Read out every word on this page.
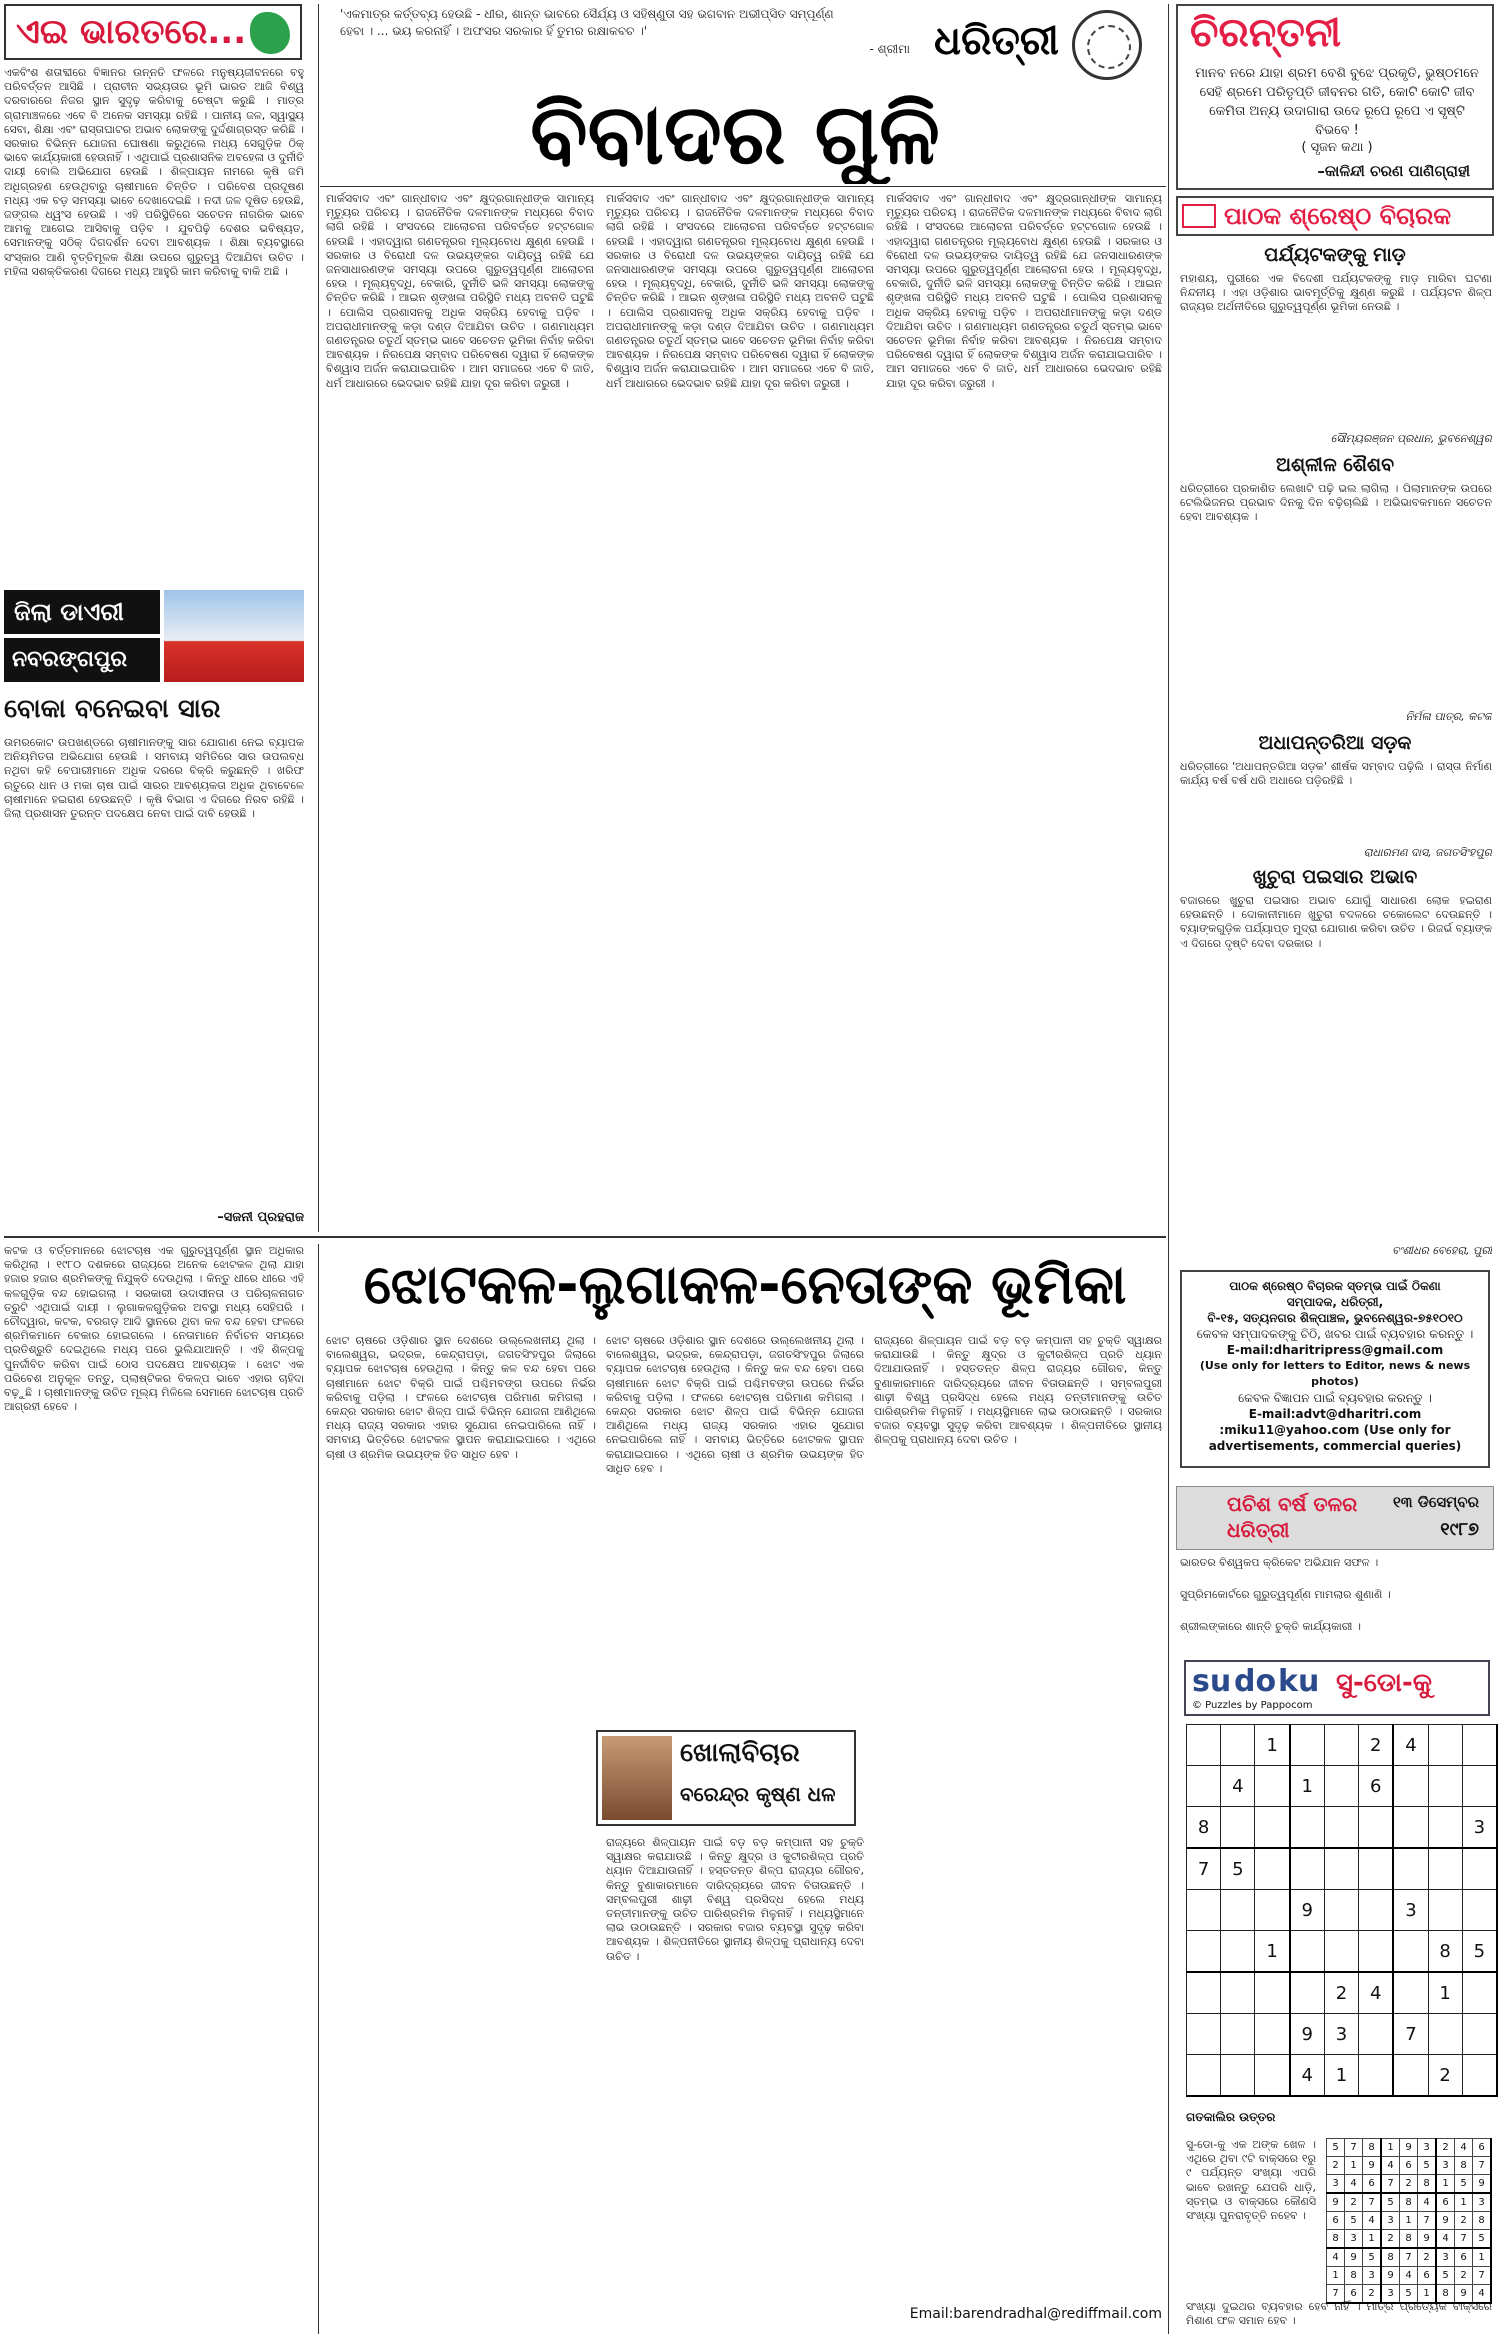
ଏଇ ଭାରତରେ...	'ଏକମାତ୍ର କର୍ତ୍ତବ୍ୟ ହେଉଛି - ଧୀର, ଶାନ୍ତ ଭାବରେ ସୈର୍ଯ୍ୟ ଓ ସହିଷ୍ଣୁତା ସହ ଭଗବାନ ଅଭୀପ୍ସିତ ସମ୍ପୂର୍ଣ୍ଣ
ହେବା । ... ଭୟ କରନାହିଁ । ଅଫସର ସରକାର ହିଁ ତୁମର ରକ୍ଷାକବଚ ।'
- ଶ୍ରୀମା ଧରିତ୍ରୀ	ଚିରନ୍ତନୀ
ମାନବ ନରେ ଯାହା ଶ୍ରମ ବେଶି ବୁଝେ ପ୍ରକୃତି, ଭୁଷ୍ଠମନେ ସେହି ଶ୍ରମେ ପରିତୃପ୍ତି ଜୀବନର ଗତି, କୋଟି କୋଟି ଜୀବ କେମିତା ଅନ୍ୟ ଉଦାଗାରା ଉଦେ ରୂପେ ରୂପେ ଏ ସୃଷ୍ଟି ବିଭବେ !
( ସୃଜନ କଥା )
–କାଳିନ୍ଦୀ ଚରଣ ପାଣିଗ୍ରାହୀ
ବିବାଦର ଗୁଳି
ଏକବିଂଶ ଶତାବ୍ଦୀରେ ବିଜ୍ଞାନର ଉନ୍ନତି ଫଳରେ ମନୁଷ୍ୟଜୀବନରେ ବହୁ ପରିବର୍ତ୍ତନ ଆସିଛି । ପ୍ରାଚୀନ ସଭ୍ୟତାର ଭୂମି ଭାରତ ଆଜି ବିଶ୍ୱ ଦରବାରରେ ନିଜର ସ୍ଥାନ ସୁଦୃଢ଼ କରିବାକୁ ଚେଷ୍ଟା କରୁଛି । ମାତ୍ର ଗ୍ରାମାଞ୍ଚଳରେ ଏବେ ବି ଅନେକ ସମସ୍ୟା ରହିଛି । ପାନୀୟ ଜଳ, ସ୍ୱାସ୍ଥ୍ୟ ସେବା, ଶିକ୍ଷା ଏବଂ ରାସ୍ତାଘାଟର ଅଭାବ ଲୋକଙ୍କୁ ଦୁର୍ଦ୍ଦଶାଗ୍ରସ୍ତ କରିଛି । ସରକାର ବିଭିନ୍ନ ଯୋଜନା ଘୋଷଣା କରୁଥିଲେ ମଧ୍ୟ ସେଗୁଡ଼ିକ ଠିକ୍ ଭାବେ କାର୍ଯ୍ୟକାରୀ ହେଉନାହିଁ । ଏଥିପାଇଁ ପ୍ରଶାସନିକ ଅବହେଳା ଓ ଦୁର୍ନୀତି ଦାୟୀ ବୋଲି ଅଭିଯୋଗ ହେଉଛି । ଶିଳ୍ପାୟନ ନାମରେ କୃଷି ଜମି ଅଧିଗ୍ରହଣ ହେଉଥିବାରୁ ଚାଷୀମାନେ ଚିନ୍ତିତ । ପରିବେଶ ପ୍ରଦୂଷଣ ମଧ୍ୟ ଏକ ବଡ଼ ସମସ୍ୟା ଭାବେ ଦେଖାଦେଇଛି । ନଦୀ ଜଳ ଦୂଷିତ ହେଉଛି, ଜଙ୍ଗଲ ଧ୍ୱଂସ ହେଉଛି । ଏହି ପରିସ୍ଥିତିରେ ସଚେତନ ନାଗରିକ ଭାବେ ଆମକୁ ଆଗେଇ ଆସିବାକୁ ପଡ଼ିବ । ଯୁବପିଢ଼ି ଦେଶର ଭବିଷ୍ୟତ, ସେମାନଙ୍କୁ ସଠିକ୍ ଦିଗଦର୍ଶନ ଦେବା ଆବଶ୍ୟକ । ଶିକ୍ଷା ବ୍ୟବସ୍ଥାରେ ସଂସ୍କାର ଆଣି ବୃତ୍ତିମୂଳକ ଶିକ୍ଷା ଉପରେ ଗୁରୁତ୍ୱ ଦିଆଯିବା ଉଚିତ । ମହିଳା ସଶକ୍ତିକରଣ ଦିଗରେ ମଧ୍ୟ ଆହୁରି କାମ କରିବାକୁ ବାକି ଅଛି ।
ଜିଲା ଡାଏରୀ
ନବରଙ୍ଗପୁର
ବୋକା ବନେଇବା ସାର
ଉମରକୋଟ ଉପଖଣ୍ଡରେ ଚାଷୀମାନଙ୍କୁ ସାର ଯୋଗାଣ ନେଇ ବ୍ୟାପକ ଅନିୟମିତତା ଅଭିଯୋଗ ହେଉଛି । ସମବାୟ ସମିତିରେ ସାର ଉପଲବ୍ଧ ନଥିବା କହି ବେପାରୀମାନେ ଅଧିକ ଦରରେ ବିକ୍ରି କରୁଛନ୍ତି । ଖରିଫ ଋତୁରେ ଧାନ ଓ ମକା ଚାଷ ପାଇଁ ସାରର ଆବଶ୍ୟକତା ଅଧିକ ଥିବାବେଳେ ଚାଷୀମାନେ ହଇରାଣ ହେଉଛନ୍ତି । କୃଷି ବିଭାଗ ଏ ଦିଗରେ ନିରବ ରହିଛି । ଜିଲା ପ୍ରଶାସନ ତୁରନ୍ତ ପଦକ୍ଷେପ ନେବା ପାଇଁ ଦାବି ହେଉଛି ।
–ସଜନୀ ପ୍ରହରାଜ
ମାର୍କସବାଦ ଏବଂ ଗାନ୍ଧୀବାଦ ଏବଂ କ୍ଷୁଦ୍ରଗାନ୍ଧୀଙ୍କ ସାମାନ୍ୟ ମୃତ୍ୟୁର ପରିଚୟ । ରାଜନୈତିକ ଦଳମାନଙ୍କ ମଧ୍ୟରେ ବିବାଦ ଲାଗି ରହିଛି । ସଂସଦରେ ଆଲୋଚନା ପରିବର୍ତ୍ତେ ହଟ୍ଟଗୋଳ ହେଉଛି । ଏହାଦ୍ୱାରା ଗଣତନ୍ତ୍ରର ମୂଲ୍ୟବୋଧ କ୍ଷୁଣ୍ଣ ହେଉଛି । ସରକାର ଓ ବିରୋଧୀ ଦଳ ଉଭୟଙ୍କର ଦାୟିତ୍ୱ ରହିଛି ଯେ ଜନସାଧାରଣଙ୍କ ସମସ୍ୟା ଉପରେ ଗୁରୁତ୍ୱପୂର୍ଣ୍ଣ ଆଲୋଚନା ହେଉ । ମୂଲ୍ୟବୃଦ୍ଧି, ବେକାରି, ଦୁର୍ନୀତି ଭଳି ସମସ୍ୟା ଲୋକଙ୍କୁ ଚିନ୍ତିତ କରିଛି । ଆଇନ ଶୃଙ୍ଖଳା ପରିସ୍ଥିତି ମଧ୍ୟ ଅବନତି ଘଟୁଛି । ପୋଲିସ ପ୍ରଶାସନକୁ ଅଧିକ ସକ୍ରିୟ ହେବାକୁ ପଡ଼ିବ । ଅପରାଧୀମାନଙ୍କୁ କଡ଼ା ଦଣ୍ଡ ଦିଆଯିବା ଉଚିତ । ଗଣମାଧ୍ୟମ ଗଣତନ୍ତ୍ରର ଚତୁର୍ଥ ସ୍ତମ୍ଭ ଭାବେ ସଚେତନ ଭୂମିକା ନିର୍ବାହ କରିବା ଆବଶ୍ୟକ । ନିରପେକ୍ଷ ସମ୍ବାଦ ପରିବେଷଣ ଦ୍ୱାରା ହିଁ ଲୋକଙ୍କ ବିଶ୍ୱାସ ଅର୍ଜନ କରାଯାଇପାରିବ । ଆମ ସମାଜରେ ଏବେ ବି ଜାତି, ଧର୍ମ ଆଧାରରେ ଭେଦଭାବ ରହିଛି ଯାହା ଦୂର କରିବା ଜରୁରୀ ।
ମାର୍କସବାଦ ଏବଂ ଗାନ୍ଧୀବାଦ ଏବଂ କ୍ଷୁଦ୍ରଗାନ୍ଧୀଙ୍କ ସାମାନ୍ୟ ମୃତ୍ୟୁର ପରିଚୟ । ରାଜନୈତିକ ଦଳମାନଙ୍କ ମଧ୍ୟରେ ବିବାଦ ଲାଗି ରହିଛି । ସଂସଦରେ ଆଲୋଚନା ପରିବର୍ତ୍ତେ ହଟ୍ଟଗୋଳ ହେଉଛି । ଏହାଦ୍ୱାରା ଗଣତନ୍ତ୍ରର ମୂଲ୍ୟବୋଧ କ୍ଷୁଣ୍ଣ ହେଉଛି । ସରକାର ଓ ବିରୋଧୀ ଦଳ ଉଭୟଙ୍କର ଦାୟିତ୍ୱ ରହିଛି ଯେ ଜନସାଧାରଣଙ୍କ ସମସ୍ୟା ଉପରେ ଗୁରୁତ୍ୱପୂର୍ଣ୍ଣ ଆଲୋଚନା ହେଉ । ମୂଲ୍ୟବୃଦ୍ଧି, ବେକାରି, ଦୁର୍ନୀତି ଭଳି ସମସ୍ୟା ଲୋକଙ୍କୁ ଚିନ୍ତିତ କରିଛି । ଆଇନ ଶୃଙ୍ଖଳା ପରିସ୍ଥିତି ମଧ୍ୟ ଅବନତି ଘଟୁଛି । ପୋଲିସ ପ୍ରଶାସନକୁ ଅଧିକ ସକ୍ରିୟ ହେବାକୁ ପଡ଼ିବ । ଅପରାଧୀମାନଙ୍କୁ କଡ଼ା ଦଣ୍ଡ ଦିଆଯିବା ଉଚିତ । ଗଣମାଧ୍ୟମ ଗଣତନ୍ତ୍ରର ଚତୁର୍ଥ ସ୍ତମ୍ଭ ଭାବେ ସଚେତନ ଭୂମିକା ନିର୍ବାହ କରିବା ଆବଶ୍ୟକ । ନିରପେକ୍ଷ ସମ୍ବାଦ ପରିବେଷଣ ଦ୍ୱାରା ହିଁ ଲୋକଙ୍କ ବିଶ୍ୱାସ ଅର୍ଜନ କରାଯାଇପାରିବ । ଆମ ସମାଜରେ ଏବେ ବି ଜାତି, ଧର୍ମ ଆଧାରରେ ଭେଦଭାବ ରହିଛି ଯାହା ଦୂର କରିବା ଜରୁରୀ ।
ମାର୍କସବାଦ ଏବଂ ଗାନ୍ଧୀବାଦ ଏବଂ କ୍ଷୁଦ୍ରଗାନ୍ଧୀଙ୍କ ସାମାନ୍ୟ ମୃତ୍ୟୁର ପରିଚୟ । ରାଜନୈତିକ ଦଳମାନଙ୍କ ମଧ୍ୟରେ ବିବାଦ ଲାଗି ରହିଛି । ସଂସଦରେ ଆଲୋଚନା ପରିବର୍ତ୍ତେ ହଟ୍ଟଗୋଳ ହେଉଛି । ଏହାଦ୍ୱାରା ଗଣତନ୍ତ୍ରର ମୂଲ୍ୟବୋଧ କ୍ଷୁଣ୍ଣ ହେଉଛି । ସରକାର ଓ ବିରୋଧୀ ଦଳ ଉଭୟଙ୍କର ଦାୟିତ୍ୱ ରହିଛି ଯେ ଜନସାଧାରଣଙ୍କ ସମସ୍ୟା ଉପରେ ଗୁରୁତ୍ୱପୂର୍ଣ୍ଣ ଆଲୋଚନା ହେଉ । ମୂଲ୍ୟବୃଦ୍ଧି, ବେକାରି, ଦୁର୍ନୀତି ଭଳି ସମସ୍ୟା ଲୋକଙ୍କୁ ଚିନ୍ତିତ କରିଛି । ଆଇନ ଶୃଙ୍ଖଳା ପରିସ୍ଥିତି ମଧ୍ୟ ଅବନତି ଘଟୁଛି । ପୋଲିସ ପ୍ରଶାସନକୁ ଅଧିକ ସକ୍ରିୟ ହେବାକୁ ପଡ଼ିବ । ଅପରାଧୀମାନଙ୍କୁ କଡ଼ା ଦଣ୍ଡ ଦିଆଯିବା ଉଚିତ । ଗଣମାଧ୍ୟମ ଗଣତନ୍ତ୍ରର ଚତୁର୍ଥ ସ୍ତମ୍ଭ ଭାବେ ସଚେତନ ଭୂମିକା ନିର୍ବାହ କରିବା ଆବଶ୍ୟକ । ନିରପେକ୍ଷ ସମ୍ବାଦ ପରିବେଷଣ ଦ୍ୱାରା ହିଁ ଲୋକଙ୍କ ବିଶ୍ୱାସ ଅର୍ଜନ କରାଯାଇପାରିବ । ଆମ ସମାଜରେ ଏବେ ବି ଜାତି, ଧର୍ମ ଆଧାରରେ ଭେଦଭାବ ରହିଛି ଯାହା ଦୂର କରିବା ଜରୁରୀ ।
ପାଠକ ଶ୍ରେଷ୍ଠ ବିଚାରକ
ପର୍ଯ୍ୟଟକଙ୍କୁ ମାଡ଼
ମହାଶୟ, ପୁରୀରେ ଏକ ବିଦେଶୀ ପର୍ଯ୍ୟଟକଙ୍କୁ ମାଡ଼ ମାରିବା ଘଟଣା ନିନ୍ଦନୀୟ । ଏହା ଓଡ଼ିଶାର ଭାବମୂର୍ତ୍ତିକୁ କ୍ଷୁଣ୍ଣ କରୁଛି । ପର୍ଯ୍ୟଟନ ଶିଳ୍ପ ରାଜ୍ୟର ଅର୍ଥନୀତିରେ ଗୁରୁତ୍ୱପୂର୍ଣ୍ଣ ଭୂମିକା ନେଉଛି ।
ସୌମ୍ୟରଞ୍ଜନ ପ୍ରଧାନ, ଭୁବନେଶ୍ୱର
ଅଶ୍ଳୀଳ ଶୈଶବ
ଧରିତ୍ରୀରେ ପ୍ରକାଶିତ ଲେଖାଟି ପଢ଼ି ଭଲ ଲାଗିଲା । ପିଲାମାନଙ୍କ ଉପରେ ଟେଲିଭିଜନର ପ୍ରଭାବ ଦିନକୁ ଦିନ ବଢ଼ିଚାଲିଛି । ଅଭିଭାବକମାନେ ସଚେତନ ହେବା ଆବଶ୍ୟକ ।
ନିର୍ମଳା ପାତ୍ର, କଟକ
ଅଧାପନ୍ତରିଆ ସଡ଼କ
ଧରିତ୍ରୀରେ 'ଅଧାପନ୍ତରିଆ ସଡ଼କ' ଶୀର୍ଷକ ସମ୍ବାଦ ପଢ଼ିଲି । ରାସ୍ତା ନିର୍ମାଣ କାର୍ଯ୍ୟ ବର୍ଷ ବର୍ଷ ଧରି ଅଧାରେ ପଡ଼ିରହିଛି ।
ରାଧାରମଣ ଦାସ, ଜଗତସିଂହପୁର
ଖୁଚୁରା ପଇସାର ଅଭାବ
ବଜାରରେ ଖୁଚୁରା ପଇସାର ଅଭାବ ଯୋଗୁଁ ସାଧାରଣ ଲୋକ ହଇରାଣ ହେଉଛନ୍ତି । ଦୋକାନୀମାନେ ଖୁଚୁରା ବଦଳରେ ଚକୋଲେଟ ଦେଉଛନ୍ତି । ବ୍ୟାଙ୍କଗୁଡ଼ିକ ପର୍ଯ୍ୟାପ୍ତ ମୁଦ୍ରା ଯୋଗାଣ କରିବା ଉଚିତ । ରିଜର୍ଭ ବ୍ୟାଙ୍କ ଏ ଦିଗରେ ଦୃଷ୍ଟି ଦେବା ଦରକାର ।
ବଂଶୀଧର ବେହେରା, ପୁରୀ
ପାଠକ ଶ୍ରେଷ୍ଠ ବିଚାରକ ସ୍ତମ୍ଭ ପାଇଁ ଠିକଣା
ସମ୍ପାଦକ, ଧରିତ୍ରୀ,
ବି-୧୫, ସତ୍ୟନଗର ଶିଳ୍ପାଞ୍ଚଳ, ଭୁବନେଶ୍ୱର-୭୫୧୦୧୦
କେବଳ ସମ୍ପାଦକଙ୍କୁ ଚିଠି, ଖବର ପାଇଁ ବ୍ୟବହାର କରନ୍ତୁ ।
E-mail:dharitripress@gmail.com
(Use only for letters to Editor, news & news photos)
କେବଳ ବିଜ୍ଞାପନ ପାଇଁ ବ୍ୟବହାର କରନ୍ତୁ ।
E-mail:advt@dharitri.com
:miku11@yahoo.com (Use only for
advertisements, commercial queries)
ପଚିଶ ବର୍ଷ ତଳର ଧରିତ୍ରୀ
୧୩ ଡିସେମ୍ବର
୧୯୮୭
ଭାରତର ବିଶ୍ୱକପ କ୍ରିକେଟ ଅଭିଯାନ ସଫଳ ।
ସୁପ୍ରିମକୋର୍ଟରେ ଗୁରୁତ୍ୱପୂର୍ଣ୍ଣ ମାମଲାର ଶୁଣାଣି ।
ଶ୍ରୀଲଙ୍କାରେ ଶାନ୍ତି ଚୁକ୍ତି କାର୍ଯ୍ୟକାରୀ ।
su do ku
© Puzzles by Pappocom
ସୁ-ଡୋ-କୁ
		1			2	4		
	4		1		6			
8								3
7	5							
			9			3		
		1					8	5
				2	4		1	
			9	3		7		
			4	1			2	
ଗତକାଲିର ଉତ୍ତର
ସୁ-ଡୋ-କୁ ଏକ ଅଙ୍କ ଖେଳ । ଏଥିରେ ଥିବା ୯ଟି ବାକ୍ସରେ ୧ରୁ ୯ ପର୍ଯ୍ୟନ୍ତ ସଂଖ୍ୟା ଏପରି ଭାବେ ରଖନ୍ତୁ ଯେପରି ଧାଡ଼ି, ସ୍ତମ୍ଭ ଓ ବାକ୍ସରେ କୌଣସି ସଂଖ୍ୟା ପୁନରାବୃତ୍ତି ନହେବ ।
5	7	8	1	9	3	2	4	6
2	1	9	4	6	5	3	8	7
3	4	6	7	2	8	1	5	9
9	2	7	5	8	4	6	1	3
6	5	4	3	1	7	9	2	8
8	3	1	2	8	9	4	7	5
4	9	5	8	7	2	3	6	1
1	8	3	9	4	6	5	2	7
7	6	2	3	5	1	8	9	4
ସଂଖ୍ୟା ଦୁଇଥର ବ୍ୟବହାର ହେବ ନାହିଁ । ମାତ୍ର ପ୍ରତ୍ୟେକ ବାକ୍ସରେ ମିଶାଣ ଫଳ ସମାନ ହେବ ।
କଟକ ଓ ବର୍ତ୍ତମାନରେ ଝୋଟଚାଷ ଏକ ଗୁରୁତ୍ୱପୂର୍ଣ୍ଣ ସ୍ଥାନ ଅଧିକାର କରିଥିଲା । ୧୯୮୦ ଦଶକରେ ରାଜ୍ୟରେ ଅନେକ ଝୋଟକଳ ଥିଲା ଯାହା ହଜାର ହଜାର ଶ୍ରମିକଙ୍କୁ ନିଯୁକ୍ତି ଦେଉଥିଲା । କିନ୍ତୁ ଧୀରେ ଧୀରେ ଏହି କଳଗୁଡ଼ିକ ବନ୍ଦ ହୋଇଗଲା । ସରକାରୀ ଉଦାସୀନତା ଓ ପରିଚାଳନାଗତ ତ୍ରୁଟି ଏଥିପାଇଁ ଦାୟୀ । ଲୁଗାକଳଗୁଡ଼ିକର ଅବସ୍ଥା ମଧ୍ୟ ସେହିପରି । ଚୌଦ୍ୱାର, କଟକ, ବରଗଡ଼ ଆଦି ସ୍ଥାନରେ ଥିବା କଳ ବନ୍ଦ ହେବା ଫଳରେ ଶ୍ରମିକମାନେ ବେକାର ହୋଇଗଲେ । ନେତାମାନେ ନିର୍ବାଚନ ସମୟରେ ପ୍ରତିଶ୍ରୁତି ଦେଇଥିଲେ ମଧ୍ୟ ପରେ ଭୁଲିଯାଆନ୍ତି । ଏହି ଶିଳ୍ପକୁ ପୁନର୍ଜୀବିତ କରିବା ପାଇଁ ଠୋସ ପଦକ୍ଷେପ ଆବଶ୍ୟକ । ଝୋଟ ଏକ ପରିବେଶ ଅନୁକୂଳ ତନ୍ତୁ, ପ୍ଲାଷ୍ଟିକର ବିକଳ୍ପ ଭାବେ ଏହାର ଚାହିଦା ବଢ଼ୁଛି । ଚାଷୀମାନଙ୍କୁ ଉଚିତ ମୂଲ୍ୟ ମିଳିଲେ ସେମାନେ ଝୋଟଚାଷ ପ୍ରତି ଆଗ୍ରହୀ ହେବେ ।
ଝୋଟକଳ-ଲୁଗାକଳ-ନେତାଙ୍କ ଭୂମିକା
ଝୋଟ ଚାଷରେ ଓଡ଼ିଶାର ସ୍ଥାନ ଦେଶରେ ଉଲ୍ଲେଖନୀୟ ଥିଲା । ବାଲେଶ୍ୱର, ଭଦ୍ରକ, କେନ୍ଦ୍ରାପଡ଼ା, ଜଗତସିଂହପୁର ଜିଲାରେ ବ୍ୟାପକ ଝୋଟଚାଷ ହେଉଥିଲା । କିନ୍ତୁ କଳ ବନ୍ଦ ହେବା ପରେ ଚାଷୀମାନେ ଝୋଟ ବିକ୍ରି ପାଇଁ ପଶ୍ଚିମବଙ୍ଗ ଉପରେ ନିର୍ଭର କରିବାକୁ ପଡ଼ିଲା । ଫଳରେ ଝୋଟଚାଷ ପରିମାଣ କମିଗଲା । କେନ୍ଦ୍ର ସରକାର ଝୋଟ ଶିଳ୍ପ ପାଇଁ ବିଭିନ୍ନ ଯୋଜନା ଆଣିଥିଲେ ମଧ୍ୟ ରାଜ୍ୟ ସରକାର ଏହାର ସୁଯୋଗ ନେଇପାରିଲେ ନାହିଁ । ସମବାୟ ଭିତ୍ତିରେ ଝୋଟକଳ ସ୍ଥାପନ କରାଯାଇପାରେ । ଏଥିରେ ଚାଷୀ ଓ ଶ୍ରମିକ ଉଭୟଙ୍କ ହିତ ସାଧିତ ହେବ ।
ଖୋଲାବିଚାର
ବରେନ୍ଦ୍ର କୃଷ୍ଣ ଧଳ
ଝୋଟ ଚାଷରେ ଓଡ଼ିଶାର ସ୍ଥାନ ଦେଶରେ ଉଲ୍ଲେଖନୀୟ ଥିଲା । ବାଲେଶ୍ୱର, ଭଦ୍ରକ, କେନ୍ଦ୍ରାପଡ଼ା, ଜଗତସିଂହପୁର ଜିଲାରେ ବ୍ୟାପକ ଝୋଟଚାଷ ହେଉଥିଲା । କିନ୍ତୁ କଳ ବନ୍ଦ ହେବା ପରେ ଚାଷୀମାନେ ଝୋଟ ବିକ୍ରି ପାଇଁ ପଶ୍ଚିମବଙ୍ଗ ଉପରେ ନିର୍ଭର କରିବାକୁ ପଡ଼ିଲା । ଫଳରେ ଝୋଟଚାଷ ପରିମାଣ କମିଗଲା । କେନ୍ଦ୍ର ସରକାର ଝୋଟ ଶିଳ୍ପ ପାଇଁ ବିଭିନ୍ନ ଯୋଜନା ଆଣିଥିଲେ ମଧ୍ୟ ରାଜ୍ୟ ସରକାର ଏହାର ସୁଯୋଗ ନେଇପାରିଲେ ନାହିଁ । ସମବାୟ ଭିତ୍ତିରେ ଝୋଟକଳ ସ୍ଥାପନ କରାଯାଇପାରେ । ଏଥିରେ ଚାଷୀ ଓ ଶ୍ରମିକ ଉଭୟଙ୍କ ହିତ ସାଧିତ ହେବ ।
ରାଜ୍ୟରେ ଶିଳ୍ପାୟନ ପାଇଁ ବଡ଼ ବଡ଼ କମ୍ପାନୀ ସହ ଚୁକ୍ତି ସ୍ୱାକ୍ଷର କରାଯାଉଛି । କିନ୍ତୁ କ୍ଷୁଦ୍ର ଓ କୁଟୀରଶିଳ୍ପ ପ୍ରତି ଧ୍ୟାନ ଦିଆଯାଉନାହିଁ । ହସ୍ତତନ୍ତ ଶିଳ୍ପ ରାଜ୍ୟର ଗୌରବ, କିନ୍ତୁ ବୁଣାକାରମାନେ ଦାରିଦ୍ର୍ୟରେ ଜୀବନ ବିତାଉଛନ୍ତି । ସମ୍ବଲପୁରୀ ଶାଢ଼ୀ ବିଶ୍ୱ ପ୍ରସିଦ୍ଧ ହେଲେ ମଧ୍ୟ ତନ୍ତୀମାନଙ୍କୁ ଉଚିତ ପାରିଶ୍ରମିକ ମିଳୁନାହିଁ । ମଧ୍ୟସ୍ଥିମାନେ ଲାଭ ଉଠାଉଛନ୍ତି । ସରକାର ବଜାର ବ୍ୟବସ୍ଥା ସୁଦୃଢ଼ କରିବା ଆବଶ୍ୟକ । ଶିଳ୍ପନୀତିରେ ସ୍ଥାନୀୟ ଶିଳ୍ପକୁ ପ୍ରାଧାନ୍ୟ ଦେବା ଉଚିତ ।
ରାଜ୍ୟରେ ଶିଳ୍ପାୟନ ପାଇଁ ବଡ଼ ବଡ଼ କମ୍ପାନୀ ସହ ଚୁକ୍ତି ସ୍ୱାକ୍ଷର କରାଯାଉଛି । କିନ୍ତୁ କ୍ଷୁଦ୍ର ଓ କୁଟୀରଶିଳ୍ପ ପ୍ରତି ଧ୍ୟାନ ଦିଆଯାଉନାହିଁ । ହସ୍ତତନ୍ତ ଶିଳ୍ପ ରାଜ୍ୟର ଗୌରବ, କିନ୍ତୁ ବୁଣାକାରମାନେ ଦାରିଦ୍ର୍ୟରେ ଜୀବନ ବିତାଉଛନ୍ତି । ସମ୍ବଲପୁରୀ ଶାଢ଼ୀ ବିଶ୍ୱ ପ୍ରସିଦ୍ଧ ହେଲେ ମଧ୍ୟ ତନ୍ତୀମାନଙ୍କୁ ଉଚିତ ପାରିଶ୍ରମିକ ମିଳୁନାହିଁ । ମଧ୍ୟସ୍ଥିମାନେ ଲାଭ ଉଠାଉଛନ୍ତି । ସରକାର ବଜାର ବ୍ୟବସ୍ଥା ସୁଦୃଢ଼ କରିବା ଆବଶ୍ୟକ । ଶିଳ୍ପନୀତିରେ ସ୍ଥାନୀୟ ଶିଳ୍ପକୁ ପ୍ରାଧାନ୍ୟ ଦେବା ଉଚିତ ।
Email:barendradhal@rediffmail.com
